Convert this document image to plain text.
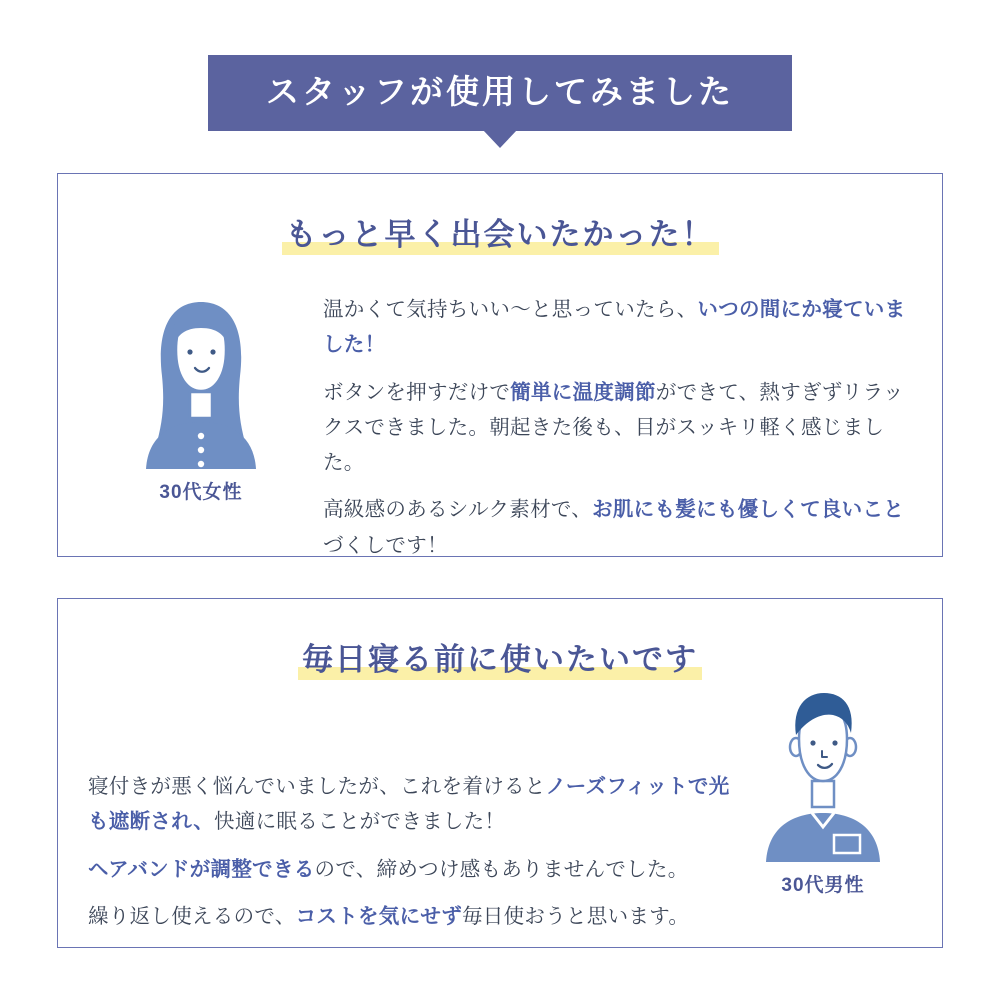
スタッフが使用してみました
もっと早く出会いたかった！
30代女性

温かくて気持ちいい〜と思っていたら、いつの間にか寝ていました！

ボタンを押すだけで簡単に温度調節ができて、熱すぎずリラックスできました。朝起きた後も、目がスッキリ軽く感じました。

高級感のあるシルク素材で、お肌にも髪にも優しくて良いことづくしです！

毎日寝る前に使いたいです
30代男性

寝付きが悪く悩んでいましたが、これを着けるとノーズフィットで光も遮断され、快適に眠ることができました！

ヘアバンドが調整できるので、締めつけ感もありませんでした。

繰り返し使えるので、コストを気にせず毎日使おうと思います。
